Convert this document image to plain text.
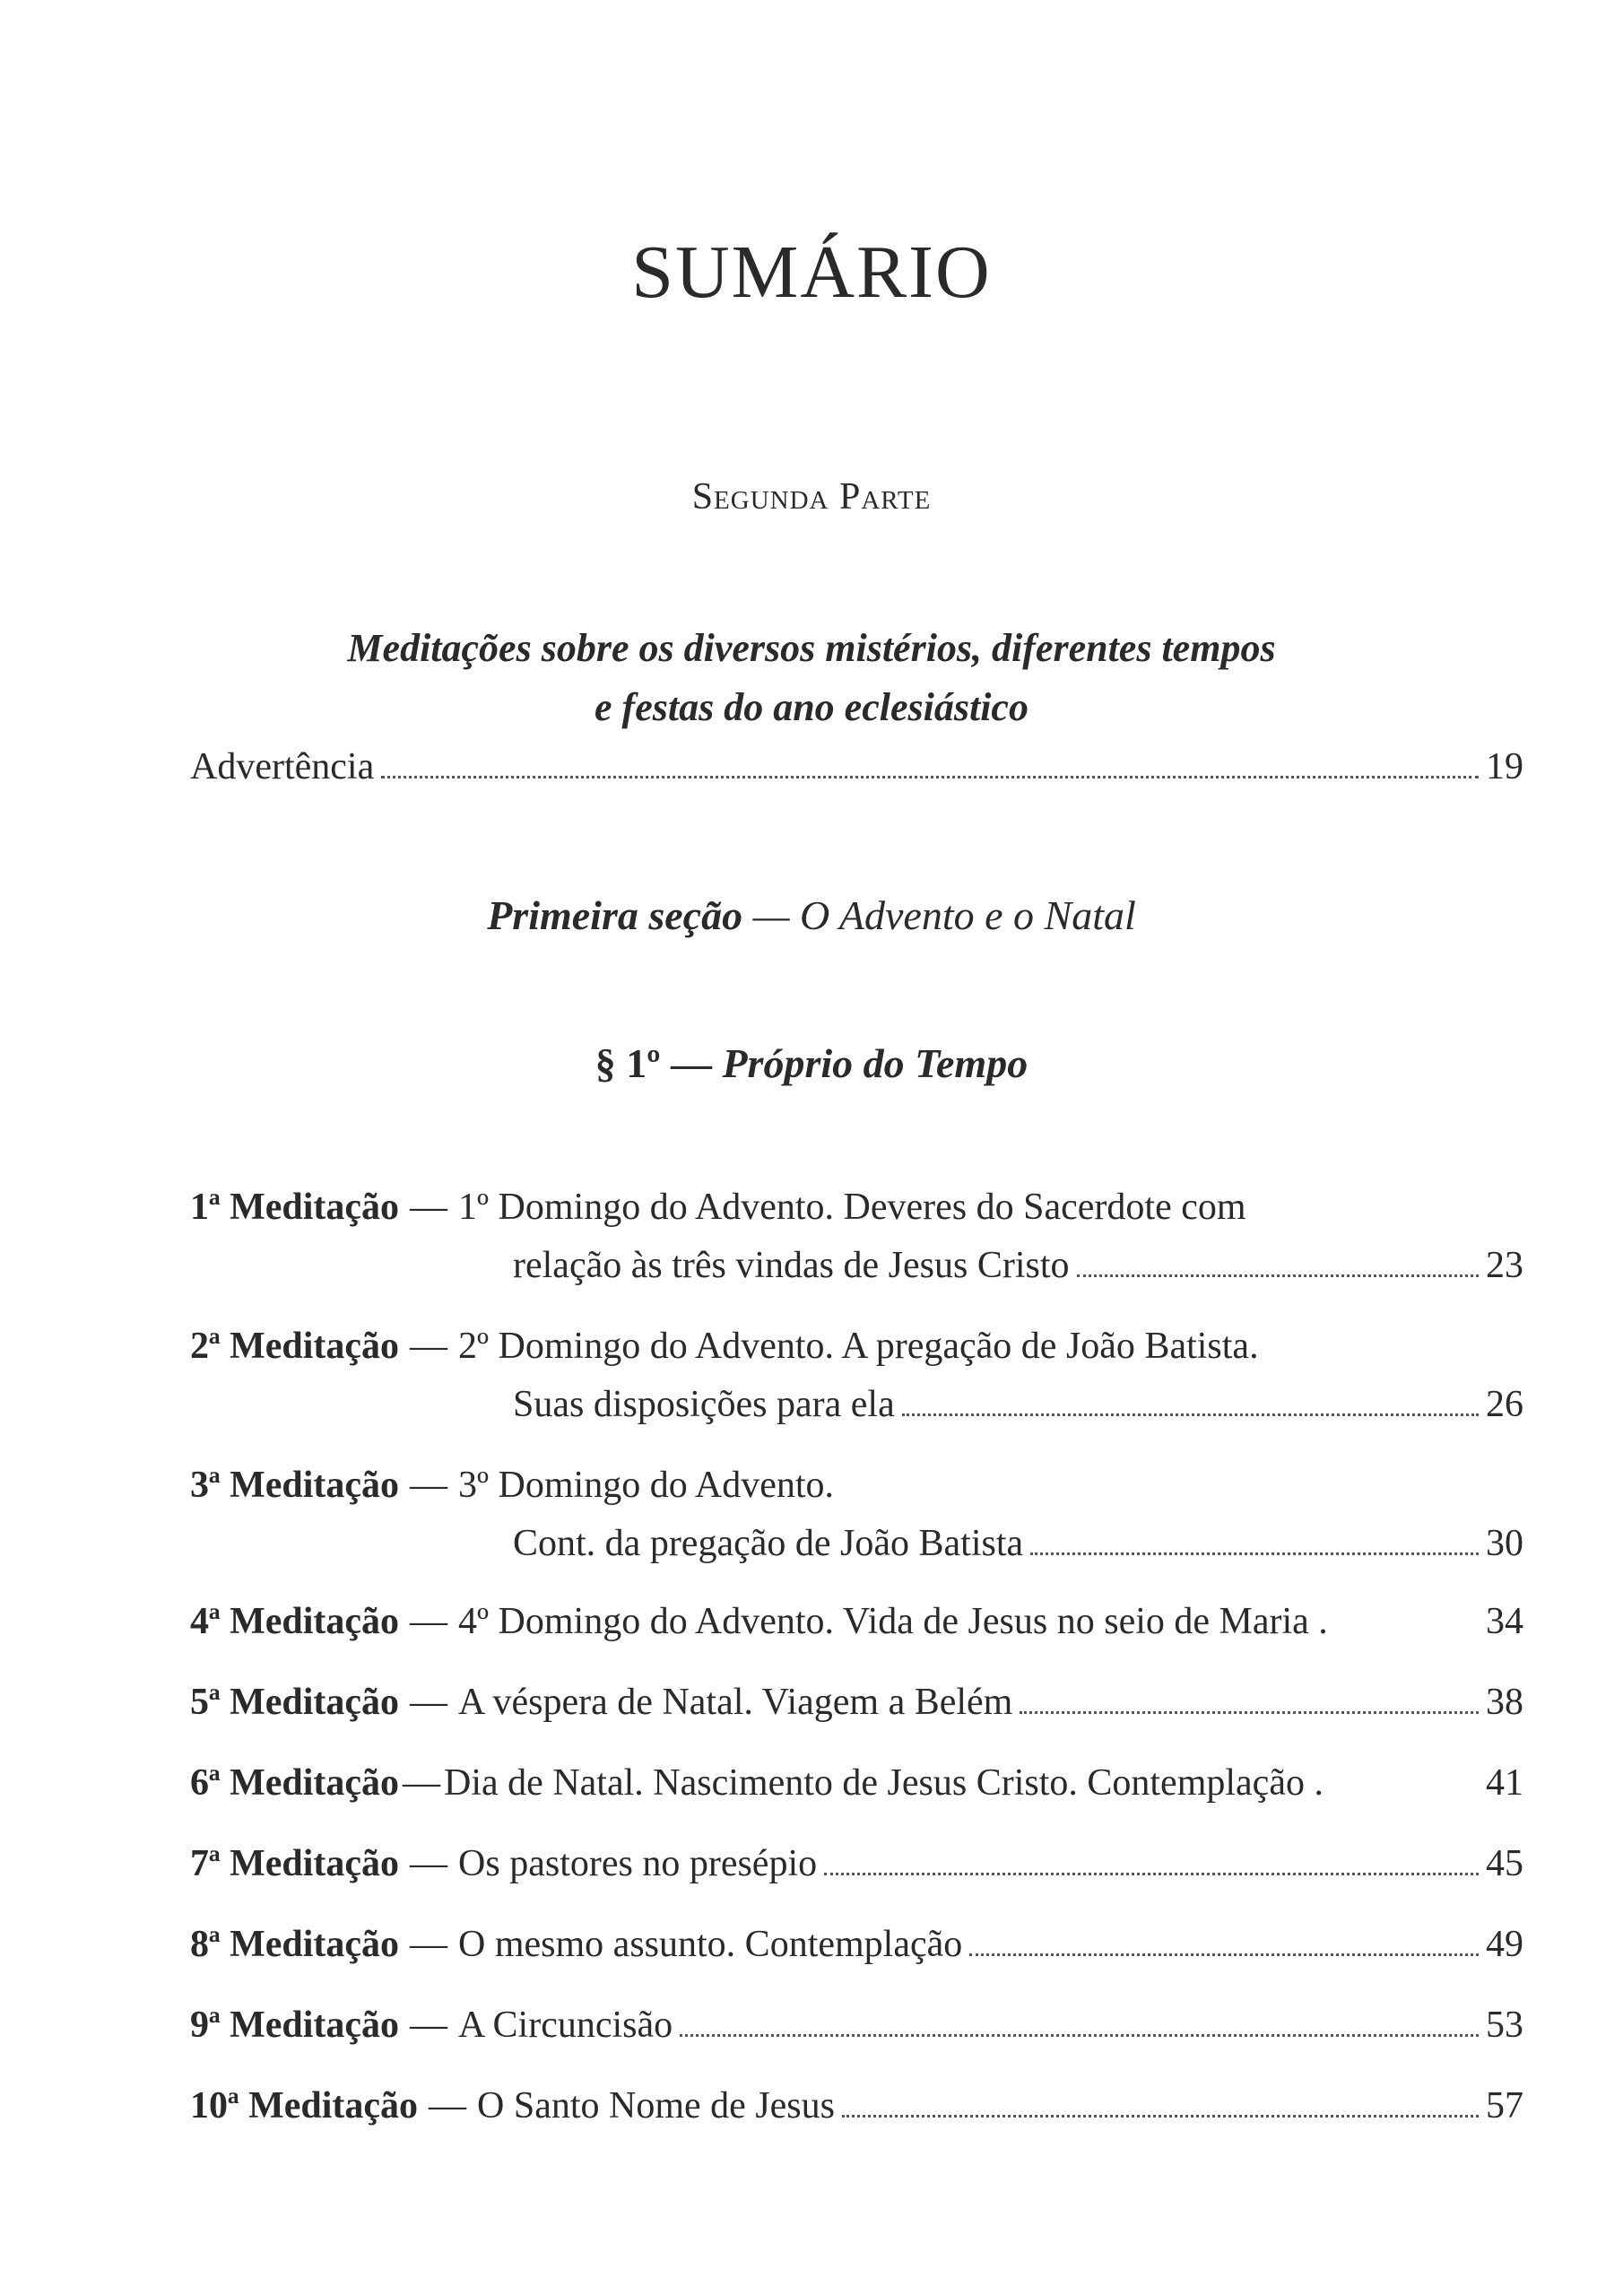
SUMÁRIO
Segunda Parte
Meditações sobre os diversos mistérios, diferentes tempos
e festas do ano eclesiástico
Advertência	19
Primeira seção — O Advento e o Natal
§ 1º — Próprio do Tempo
1ª Meditação — 1º Domingo do Advento. Deveres do Sacerdote com
relação às três vindas de Jesus Cristo	23
2ª Meditação — 2º Domingo do Advento. A pregação de João Batista.
Suas disposições para ela	26
3ª Meditação — 3º Domingo do Advento.
Cont. da pregação de João Batista	30
4ª Meditação — 4º Domingo do Advento. Vida de Jesus no seio de Maria .	34
5ª Meditação — A véspera de Natal. Viagem a Belém	38
6ª Meditação — Dia de Natal. Nascimento de Jesus Cristo. Contemplação .	41
7ª Meditação — Os pastores no presépio	45
8ª Meditação — O mesmo assunto. Contemplação	49
9ª Meditação — A Circuncisão	53
10ª Meditação — O Santo Nome de Jesus	57
